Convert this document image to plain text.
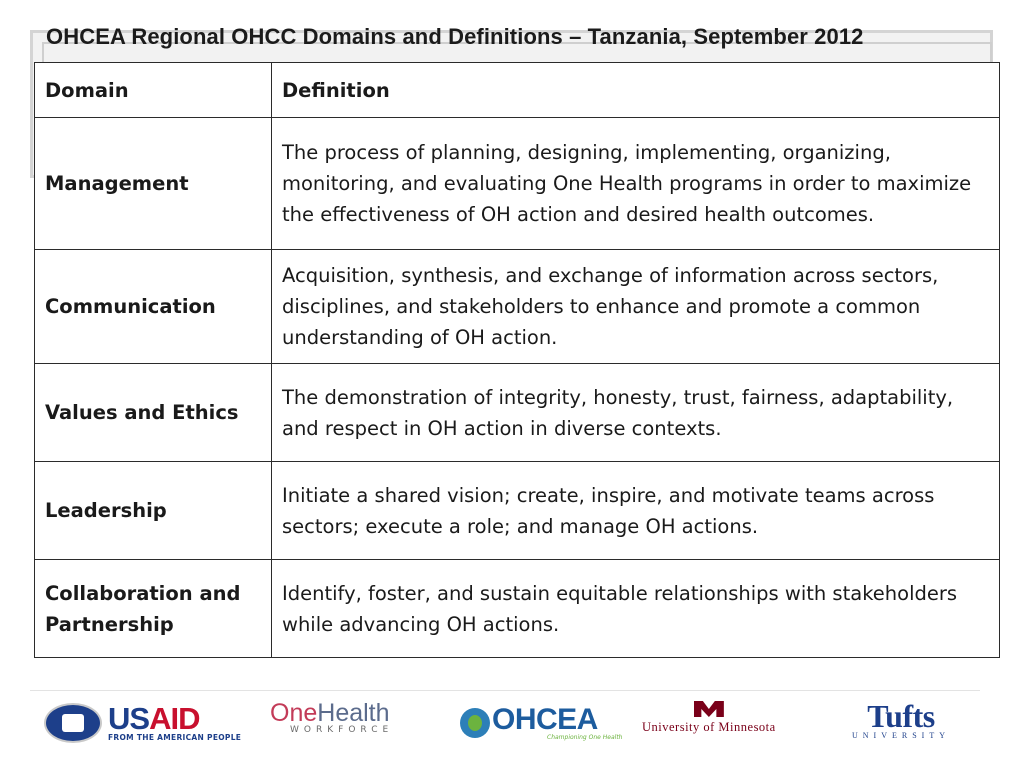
OHCEA Regional OHCC Domains and Definitions – Tanzania, September 2012
Domain	Definition
Management	The process of planning, designing, implementing, organizing, monitoring, and evaluating One Health programs in order to maximize the effectiveness of OH action and desired health outcomes.
Communication	Acquisition, synthesis, and exchange of information across sectors, disciplines, and stakeholders to enhance and promote a common understanding of OH action.
Values and Ethics	The demonstration of integrity, honesty, trust, fairness, adaptability, and respect in OH action in diverse contexts.
Leadership	Initiate a shared vision; create, inspire, and motivate teams across sectors; execute a role; and manage OH actions.
Collaboration and Partnership	Identify, foster, and sustain equitable relationships with stakeholders while advancing OH actions.
USAID
FROM THE AMERICAN PEOPLE
OneHealth
WORKFORCE	OHCEA
Championing One Health
University of Minnesota	Tufts
UNIVERSITY
